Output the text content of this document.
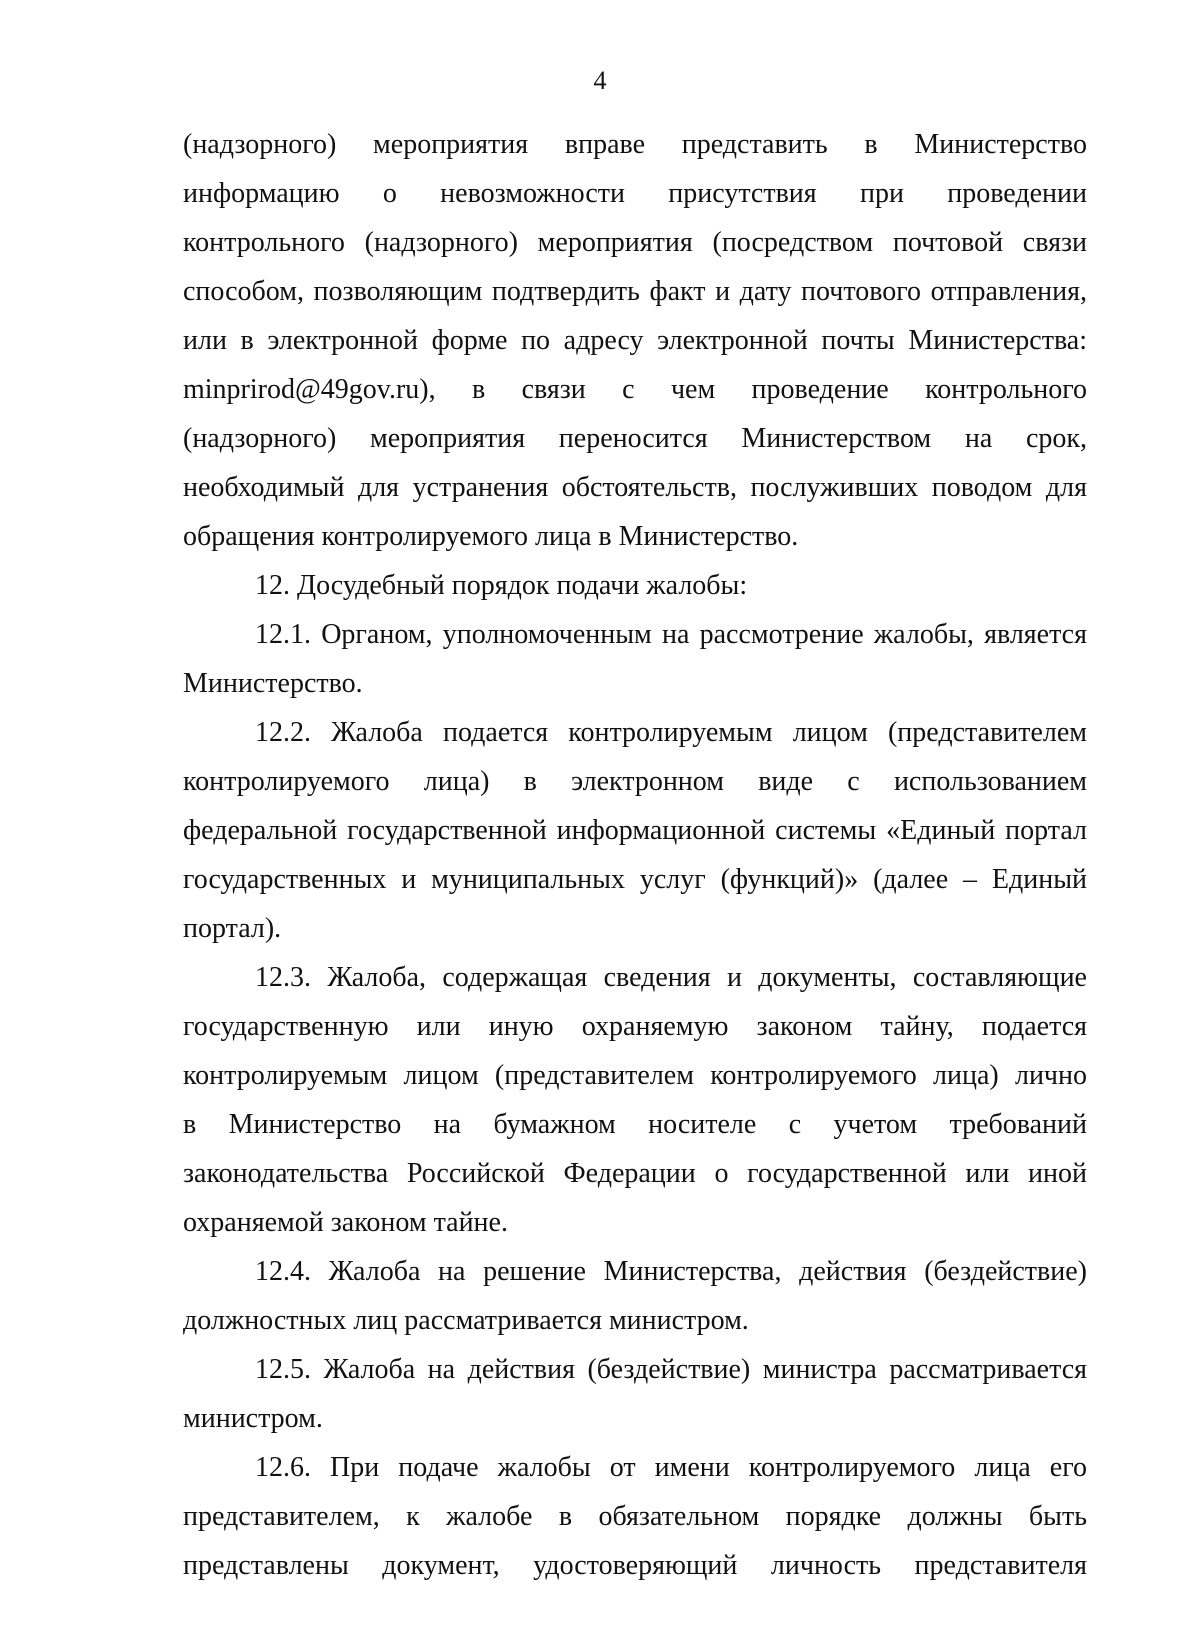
4
(надзорного) мероприятия вправе представить в Министерство
информацию о невозможности присутствия при проведении
контрольного (надзорного) мероприятия (посредством почтовой связи
способом, позволяющим подтвердить факт и дату почтового отправления,
или в электронной форме по адресу электронной почты Министерства:
minprirod@49gov.ru), в связи с чем проведение контрольного
(надзорного) мероприятия переносится Министерством на срок,
необходимый для устранения обстоятельств, послуживших поводом для
обращения контролируемого лица в Министерство.
12. Досудебный порядок подачи жалобы:
12.1. Органом, уполномоченным на рассмотрение жалобы, является
Министерство.
12.2. Жалоба подается контролируемым лицом (представителем
контролируемого лица) в электронном виде с использованием
федеральной государственной информационной системы «Единый портал
государственных и муниципальных услуг (функций)» (далее – Единый
портал).
12.3. Жалоба, содержащая сведения и документы, составляющие
государственную или иную охраняемую законом тайну, подается
контролируемым лицом (представителем контролируемого лица) лично
в Министерство на бумажном носителе с учетом требований
законодательства Российской Федерации о государственной или иной
охраняемой законом тайне.
12.4. Жалоба на решение Министерства, действия (бездействие)
должностных лиц рассматривается министром.
12.5. Жалоба на действия (бездействие) министра рассматривается
министром.
12.6. При подаче жалобы от имени контролируемого лица его
представителем, к жалобе в обязательном порядке должны быть
представлены документ, удостоверяющий личность представителя
